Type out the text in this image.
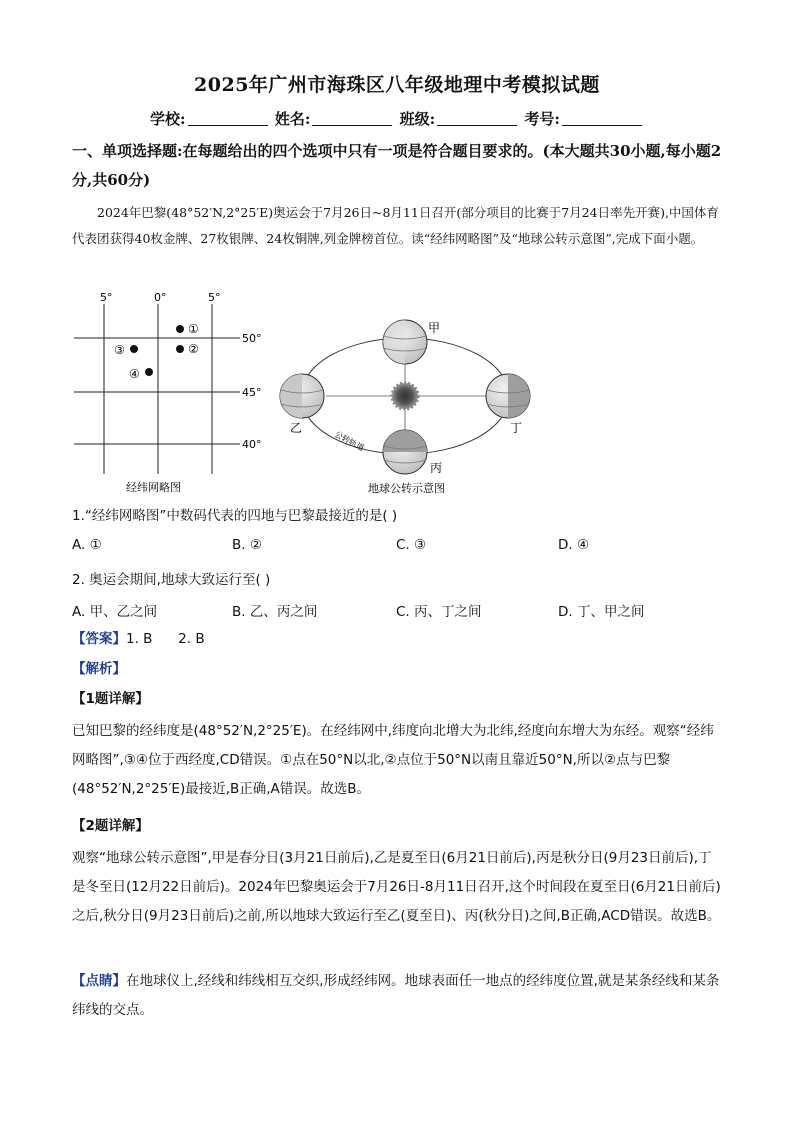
2025年广州市海珠区八年级地理中考模拟试题
学校:	姓名:	班级:	考号:
一、单项选择题:在每题给出的四个选项中只有一项是符合题目要求的。(本大题共30小题,每小题2分,共60分)
2024年巴黎(48°52′N,2°25′E)奥运会于7月26日~8月11日召开(部分项目的比赛于7月24日率先开赛),中国体育代表团获得40枚金牌、27枚银牌、24枚铜牌,列金牌榜首位。读“经纬网略图”及“地球公转示意图”,完成下面小题。
5°	0°	5°
50°
45°
40°
①
②
③
④
经纬网略图
甲
乙
丙
丁
公转轨道
地球公转示意图
1.“经纬网略图”中数码代表的四地与巴黎最接近的是( )
A. ①	B. ②	C. ③	D. ④
2. 奥运会期间,地球大致运行至( )
A. 甲、乙之间	B. 乙、丙之间	C. 丙、丁之间	D. 丁、甲之间
【答案】1. B      2. B
【解析】
【1题详解】
已知巴黎的经纬度是(48°52′N,2°25′E)。在经纬网中,纬度向北增大为北纬,经度向东增大为东经。观察“经纬网略图”,③④位于西经度,CD错误。①点在50°N以北,②点位于50°N以南且靠近50°N,所以②点与巴黎(48°52′N,2°25′E)最接近,B正确,A错误。故选B。
【2题详解】
观察“地球公转示意图”,甲是春分日(3月21日前后),乙是夏至日(6月21日前后),丙是秋分日(9月23日前后),丁是冬至日(12月22日前后)。2024年巴黎奥运会于7月26日-8月11日召开,这个时间段在夏至日(6月21日前后)之后,秋分日(9月23日前后)之前,所以地球大致运行至乙(夏至日)、丙(秋分日)之间,B正确,ACD错误。故选B。
【点睛】在地球仪上,经线和纬线相互交织,形成经纬网。地球表面任一地点的经纬度位置,就是某条经线和某条纬线的交点。
